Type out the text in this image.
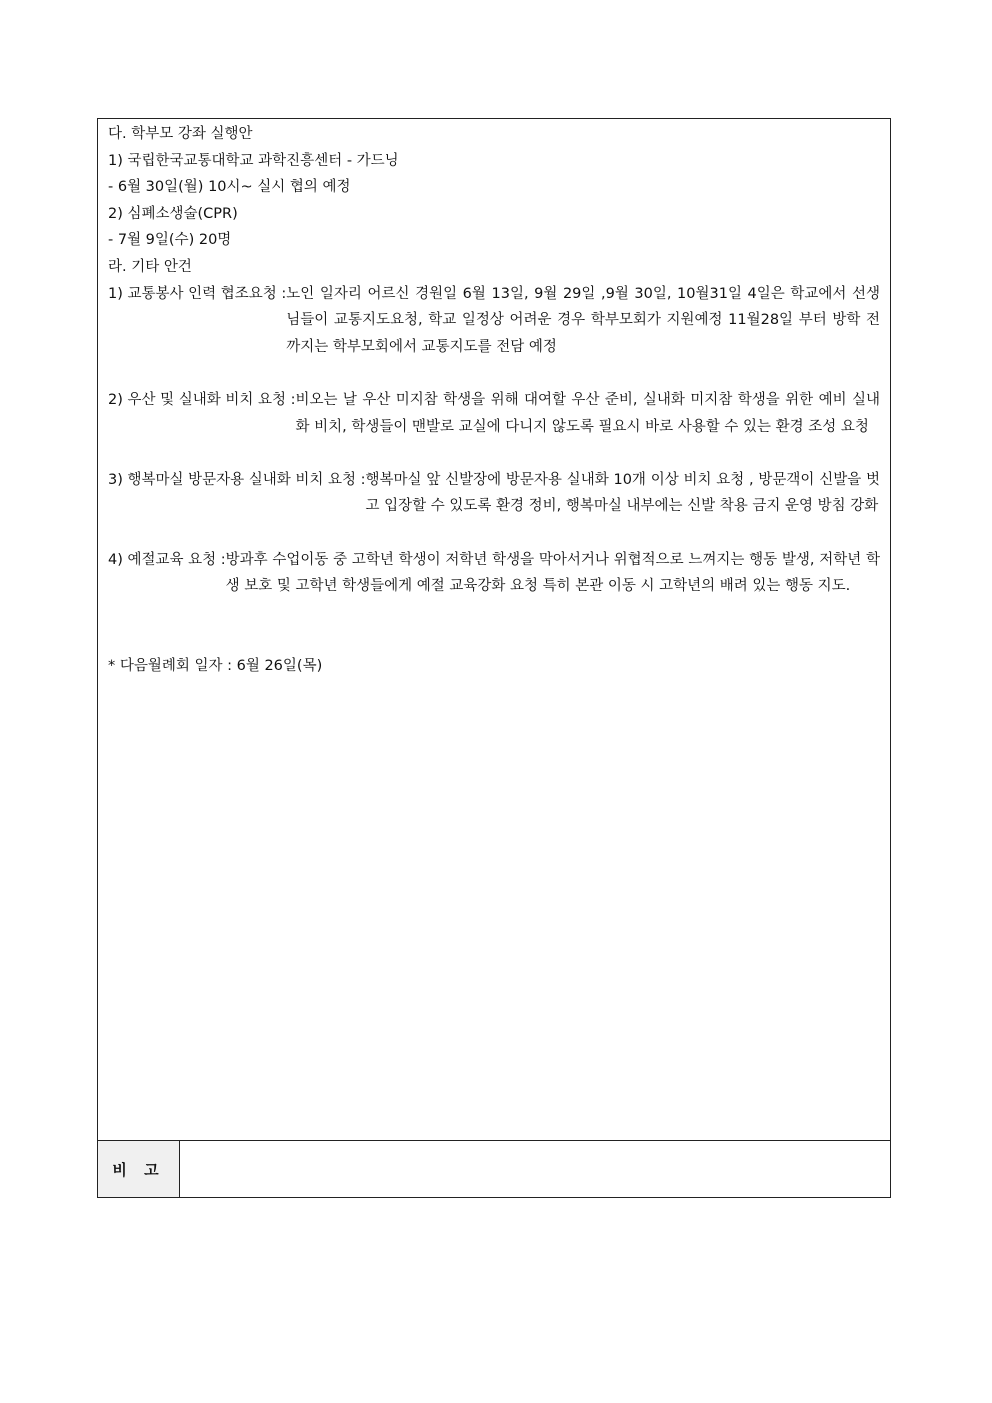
다. 학부모 강좌 실행안
1) 국립한국교통대학교 과학진흥센터 - 가드닝
- 6월 30일(월) 10시~ 실시 협의 예정
2) 심폐소생술(CPR)
- 7월 9일(수) 20명
라. 기타 안건
1) 교통봉사 인력 협조요청 : 노인 일자리 어르신 경원일 6월 13일, 9월 29일 ,9월 30일, 10월31일 4일은 학교에서 선생님들이 교통지도요청, 학교 일정상 어려운 경우 학부모회가 지원예정 11월28일 부터 방학 전까지는 학부모회에서 교통지도를 전담 예정
2) 우산 및 실내화 비치 요청 : 비오는 날 우산 미지참 학생을 위해 대여할 우산 준비, 실내화 미지참 학생을 위한 예비 실내화 비치, 학생들이 맨발로 교실에 다니지 않도록 필요시 바로 사용할 수 있는 환경 조성 요청
3) 행복마실 방문자용 실내화 비치 요청 : 행복마실 앞 신발장에 방문자용 실내화 10개 이상 비치 요청 , 방문객이 신발을 벗고 입장할 수 있도록 환경 정비, 행복마실 내부에는 신발 착용 금지 운영 방침 강화
4) 예절교육 요청 : 방과후 수업이동 중 고학년 학생이 저학년 학생을 막아서거나 위협적으로 느껴지는 행동 발생, 저학년 학생 보호 및 고학년 학생들에게 예절 교육강화 요청 특히 본관 이동 시 고학년의 배려 있는 행동 지도.
* 다음월례회 일자 : 6월 26일(목)
비 고
